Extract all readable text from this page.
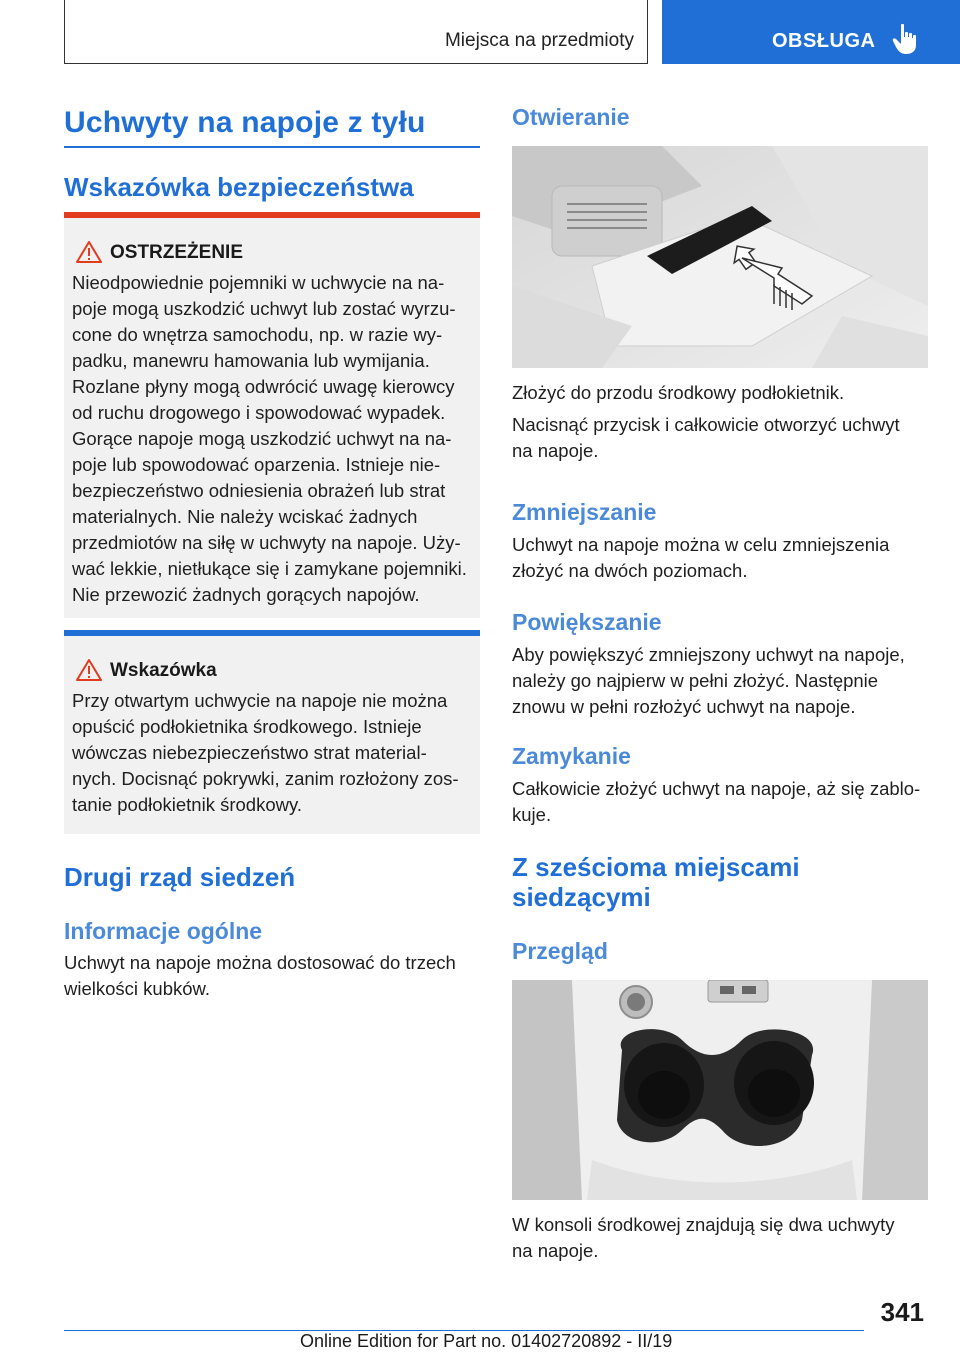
Miejsca na przedmioty	OBSŁUGA
Uchwyty na napoje z tyłu
Wskazówka bezpieczeństwa
OSTRZEŻENIE
Nieodpowiednie pojemniki w uchwycie na na-
poje mogą uszkodzić uchwyt lub zostać wyrzu-
cone do wnętrza samochodu, np. w razie wy-
padku, manewru hamowania lub wymijania.
Rozlane płyny mogą odwrócić uwagę kierowcy
od ruchu drogowego i spowodować wypadek.
Gorące napoje mogą uszkodzić uchwyt na na-
poje lub spowodować oparzenia. Istnieje nie-
bezpieczeństwo odniesienia obrażeń lub strat
materialnych. Nie należy wciskać żadnych
przedmiotów na siłę w uchwyty na napoje. Uży-
wać lekkie, nietłukące się i zamykane pojemniki.
Nie przewozić żadnych gorących napojów.
Wskazówka
Przy otwartym uchwycie na napoje nie można
opuścić podłokietnika środkowego. Istnieje
wówczas niebezpieczeństwo strat material-
nych. Docisnąć pokrywki, zanim rozłożony zos-
tanie podłokietnik środkowy.
Drugi rząd siedzeń
Informacje ogólne
Uchwyt na napoje można dostosować do trzech
wielkości kubków.
Otwieranie
Złożyć do przodu środkowy podłokietnik.
Nacisnąć przycisk i całkowicie otworzyć uchwyt
na napoje.
Zmniejszanie
Uchwyt na napoje można w celu zmniejszenia
złożyć na dwóch poziomach.
Powiększanie
Aby powiększyć zmniejszony uchwyt na napoje,
należy go najpierw w pełni złożyć. Następnie
znowu w pełni rozłożyć uchwyt na napoje.
Zamykanie
Całkowicie złożyć uchwyt na napoje, aż się zablo-
kuje.
Z sześcioma miejscami
siedzącymi
Przegląd
W konsoli środkowej znajdują się dwa uchwyty
na napoje.
341
Online Edition for Part no. 01402720892 - II/19
